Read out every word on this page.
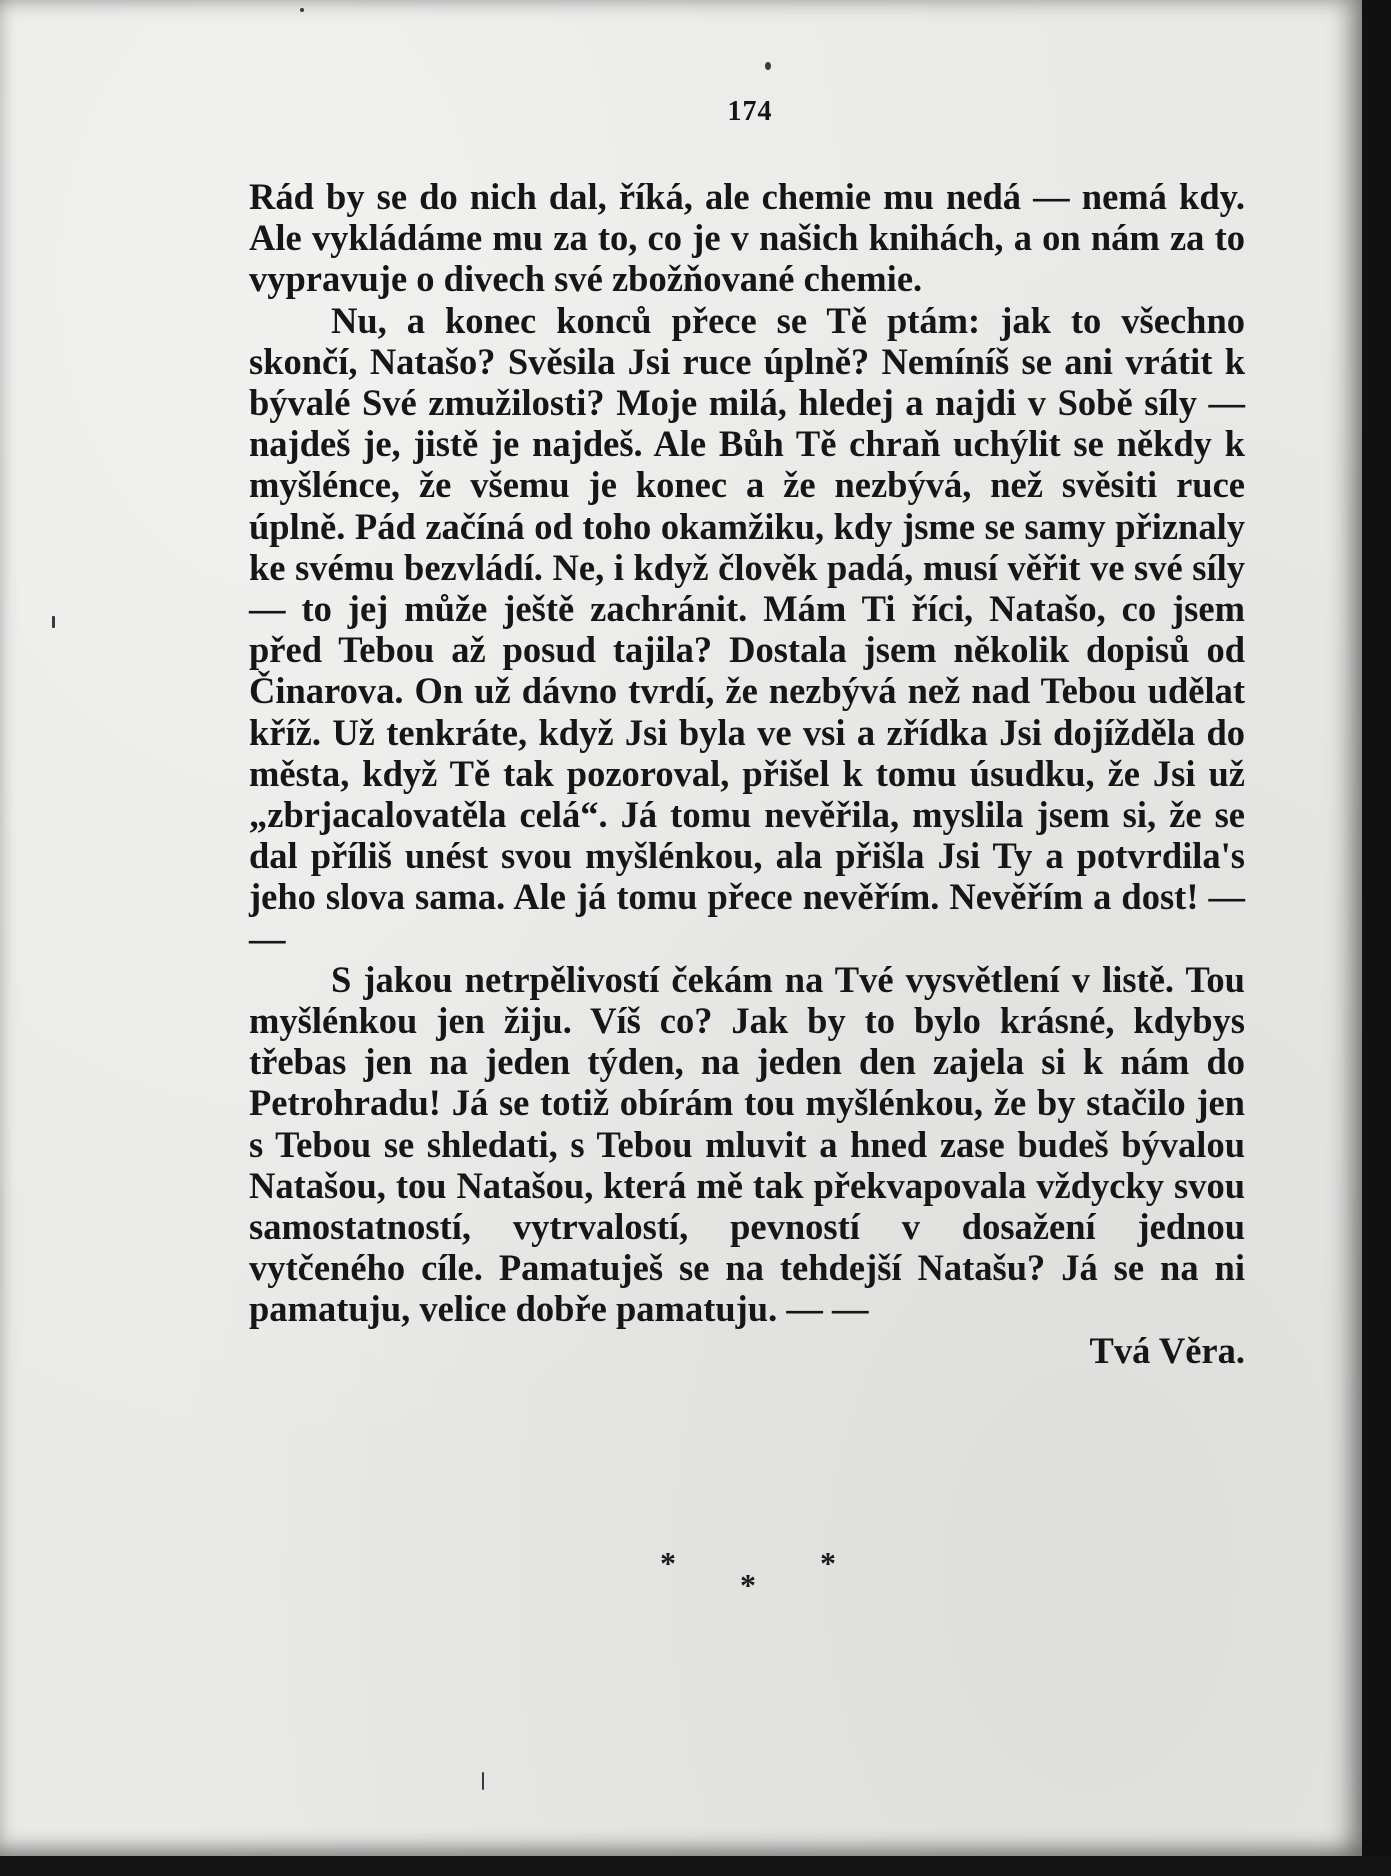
174

Rád by se do nich dal, říká, ale chemie mu nedá — nemá kdy. Ale vykládáme mu za to, co je v našich knihách, a on nám za to vypravuje o divech své zbožňované chemie.

Nu, a konec konců přece se Tě ptám: jak to všechno skončí, Natašo? Svěsila Jsi ruce úplně? Nemíníš se ani vrátit k bývalé Své zmužilosti? Moje milá, hledej a najdi v Sobě síly — najdeš je, jistě je najdeš. Ale Bůh Tě chraň uchýlit se někdy k myšlénce, že všemu je konec a že nezbývá, než svěsiti ruce úplně. Pád začíná od toho okamžiku, kdy jsme se samy přiznaly ke svému bezvládí. Ne, i když člověk padá, musí věřit ve své síly — to jej může ještě zachránit. Mám Ti říci, Natašo, co jsem před Tebou až posud tajila? Dostala jsem několik dopisů od Činarova. On už dávno tvrdí, že nezbývá než nad Tebou udělat kříž. Už tenkráte, když Jsi byla ve vsi a zřídka Jsi dojížděla do města, když Tě tak pozoroval, přišel k tomu úsudku, že Jsi už „zbrjacalovatěla celá“. Já tomu nevěřila, myslila jsem si, že se dal příliš unést svou myšlénkou, ala přišla Jsi Ty a potvrdila's jeho slova sama. Ale já tomu přece nevěřím. Nevěřím a dost! — —

S jakou netrpělivostí čekám na Tvé vysvětlení v listě. Tou myšlénkou jen žiju. Víš co? Jak by to bylo krásné, kdybys třebas jen na jeden týden, na jeden den zajela si k nám do Petrohradu! Já se totiž obírám tou myšlénkou, že by stačilo jen s Tebou se shledati, s Tebou mluvit a hned zase budeš bývalou Natašou, tou Natašou, která mě tak překvapovala vždycky svou samostatností, vytrvalostí, pevností v dosažení jednou vytčeného cíle. Pamatuješ se na tehdejší Natašu? Já se na ni pamatuju, velice dobře pamatuju. — —

Tvá Věra.

*	*
*
